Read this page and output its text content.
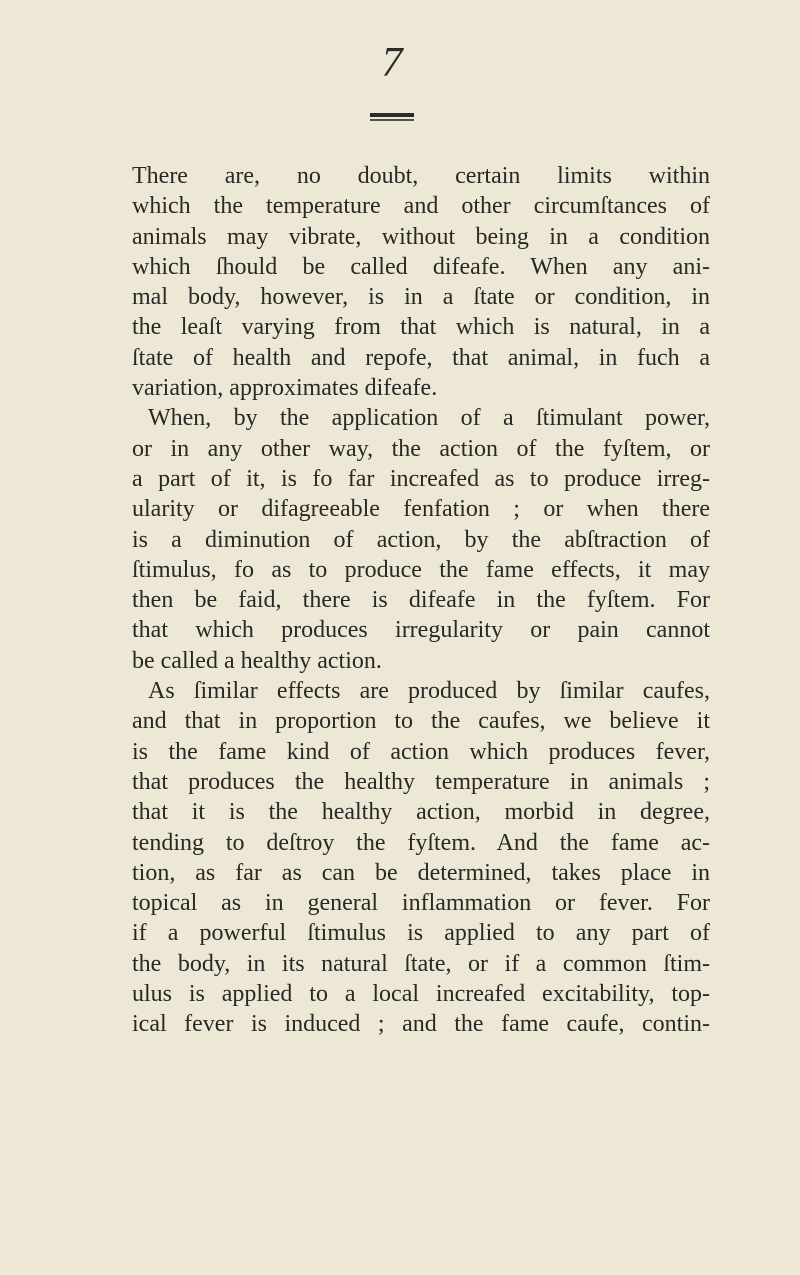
7
There are, no doubt, certain limits within
which the temperature and other circumſtances of
animals may vibrate, without being in a condition
which ſhould be called difeafe. When any ani-
mal body, however, is in a ſtate or condition, in
the leaſt varying from that which is natural, in a
ſtate of health and repofe, that animal, in fuch a
variation, approximates difeafe.
When, by the application of a ſtimulant power,
or in any other way, the action of the fyſtem, or
a part of it, is fo far increafed as to produce irreg-
ularity or difagreeable fenfation ; or when there
is a diminution of action, by the abſtraction of
ſtimulus, fo as to produce the fame effects, it may
then be faid, there is difeafe in the fyſtem. For
that which produces irregularity or pain cannot
be called a healthy action.
As ſimilar effects are produced by ſimilar caufes,
and that in proportion to the caufes, we believe it
is the fame kind of action which produces fever,
that produces the healthy temperature in animals ;
that it is the healthy action, morbid in degree,
tending to deſtroy the fyſtem. And the fame ac-
tion, as far as can be determined, takes place in
topical as in general inflammation or fever. For
if a powerful ſtimulus is applied to any part of
the body, in its natural ſtate, or if a common ſtim-
ulus is applied to a local increafed excitability, top-
ical fever is induced ; and the fame caufe, contin-
